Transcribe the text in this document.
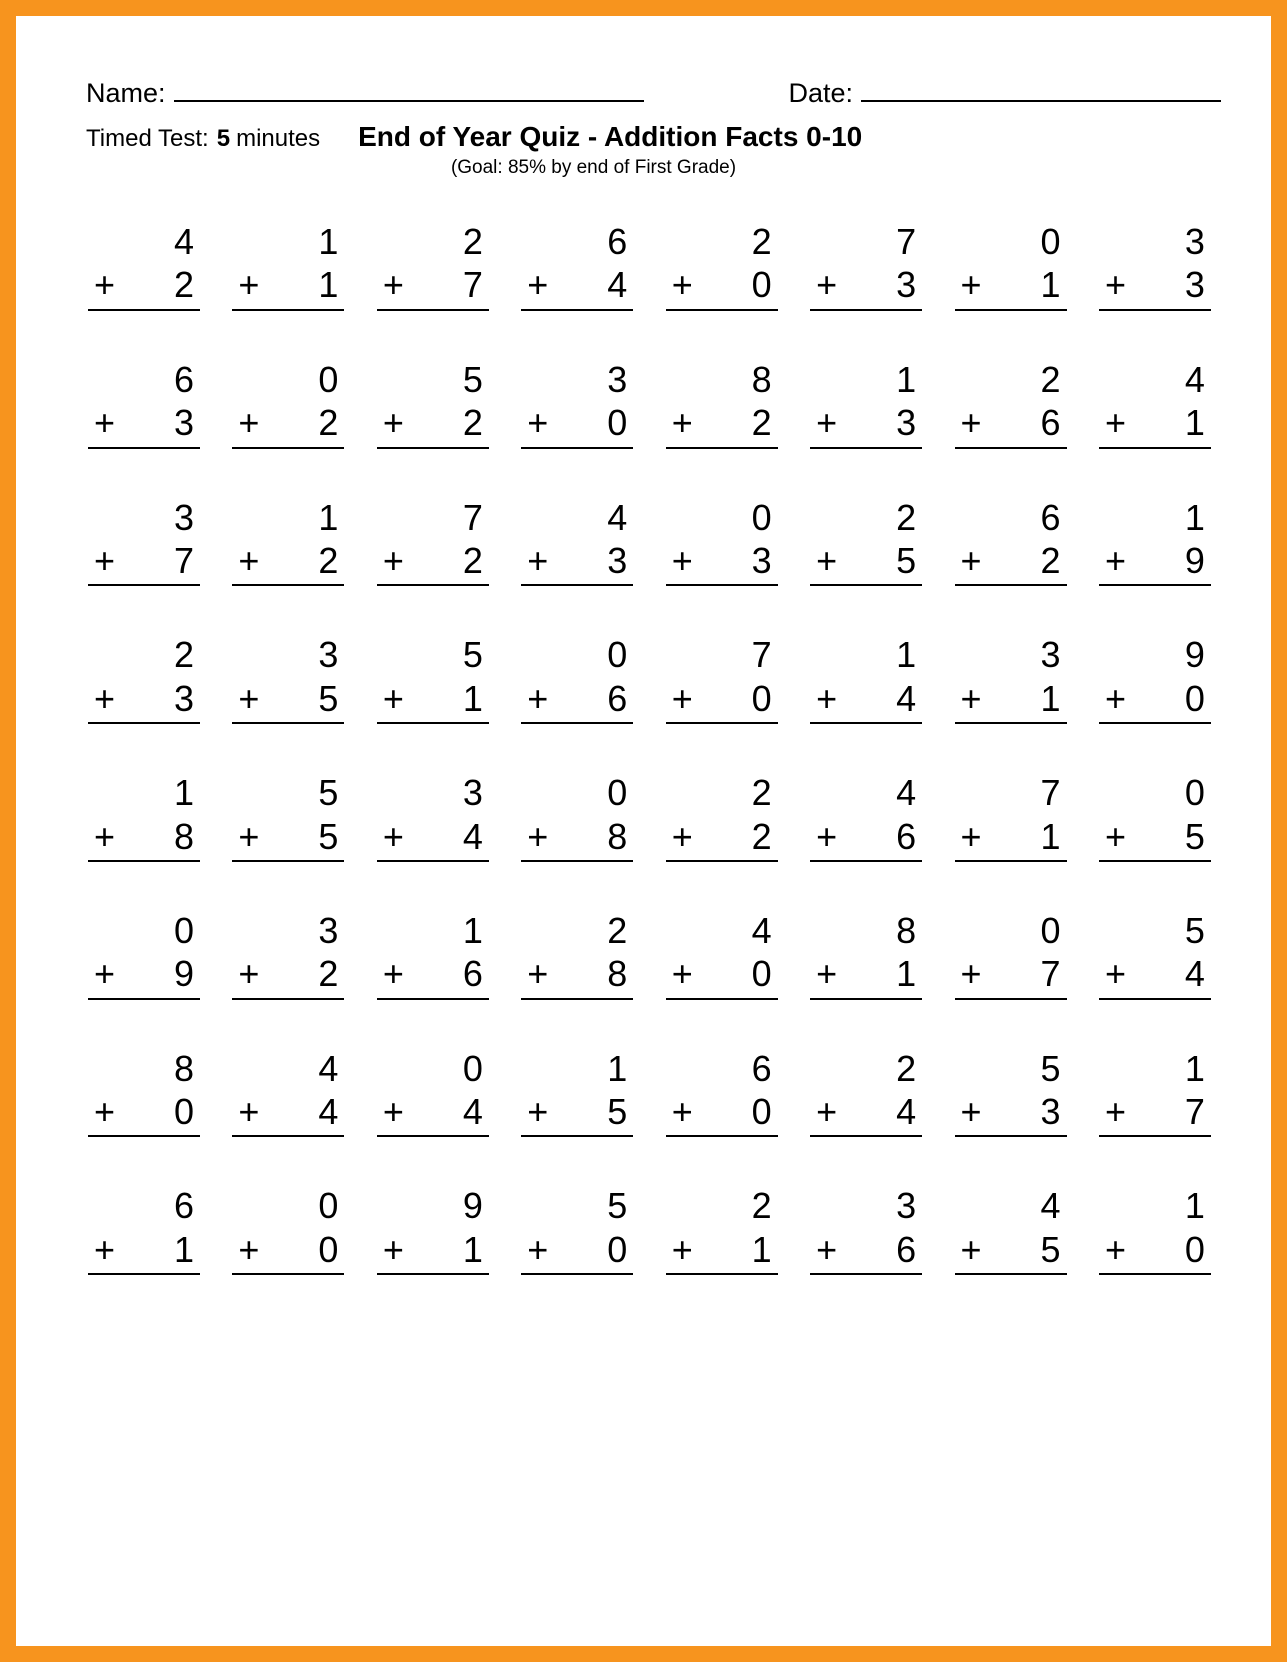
Name:	Date:
Timed Test: 5 minutes End of Year Quiz - Addition Facts 0-10
(Goal: 85% by end of First Grade)
4
+ 2
1
+ 1
2
+ 7
6
+ 4
2
+ 0
7
+ 3
0
+ 1
3
+ 3
6
+ 3
0
+ 2
5
+ 2
3
+ 0
8
+ 2
1
+ 3
2
+ 6
4
+ 1
3
+ 7
1
+ 2
7
+ 2
4
+ 3
0
+ 3
2
+ 5
6
+ 2
1
+ 9
2
+ 3
3
+ 5
5
+ 1
0
+ 6
7
+ 0
1
+ 4
3
+ 1
9
+ 0
1
+ 8
5
+ 5
3
+ 4
0
+ 8
2
+ 2
4
+ 6
7
+ 1
0
+ 5
0
+ 9
3
+ 2
1
+ 6
2
+ 8
4
+ 0
8
+ 1
0
+ 7
5
+ 4
8
+ 0
4
+ 4
0
+ 4
1
+ 5
6
+ 0
2
+ 4
5
+ 3
1
+ 7
6
+ 1
0
+ 0
9
+ 1
5
+ 0
2
+ 1
3
+ 6
4
+ 5
1
+ 0
